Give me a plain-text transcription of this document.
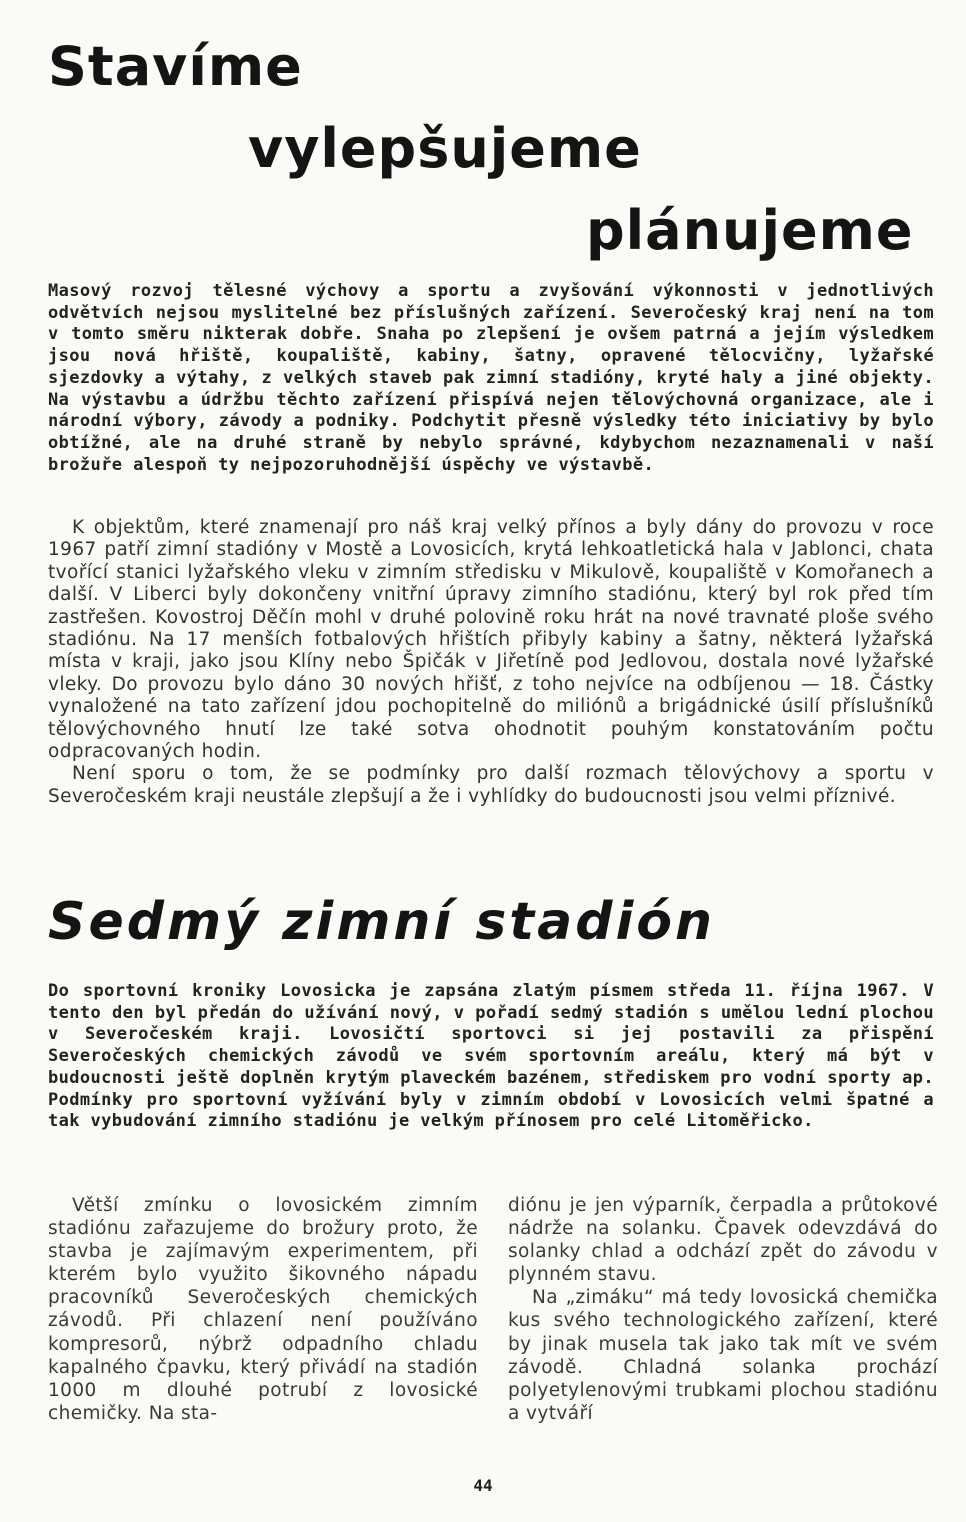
Stavíme
vylepšujeme
plánujeme

Masový rozvoj tělesné výchovy a sportu a zvyšování výkonnosti v jednotlivých odvětvích nejsou myslitelné bez příslušných zařízení. Severočeský kraj není na tom v tomto směru nikterak dobře. Snaha po zlepšení je ovšem patrná a jejím výsledkem jsou nová hřiště, koupaliště, kabiny, šatny, opravené tělocvičny, lyžařské sjezdovky a výtahy, z velkých staveb pak zimní stadióny, kryté haly a jiné objekty. Na výstavbu a údržbu těchto zařízení přispívá nejen tělovýchovná organizace, ale i národní výbory, závody a podniky. Podchytit přesně výsledky této iniciativy by bylo obtížné, ale na druhé straně by nebylo správné, kdybychom nezaznamenali v naší brožuře alespoň ty nejpozoruhodnější úspěchy ve výstavbě.

K objektům, které znamenají pro náš kraj velký přínos a byly dány do provozu v roce 1967 patří zimní stadióny v Mostě a Lovosicích, krytá lehkoatletická hala v Jablonci, chata tvořící stanici lyžařského vleku v zimním středisku v Mikulově, koupaliště v Komořanech a další. V Liberci byly dokončeny vnitřní úpravy zimního stadiónu, který byl rok před tím zastřešen. Kovostroj Děčín mohl v druhé polovině roku hrát na nové travnaté ploše svého stadiónu. Na 17 menších fotbalových hřištích přibyly kabiny a šatny, některá lyžařská místa v kraji, jako jsou Klíny nebo Špičák v Jiřetíně pod Jedlovou, dostala nové lyžařské vleky. Do provozu bylo dáno 30 nových hřišť, z toho nejvíce na odbíjenou — 18. Částky vynaložené na tato zařízení jdou pochopitelně do miliónů a brigádnické úsilí příslušníků tělovýchovného hnutí lze také sotva ohodnotit pouhým konstatováním počtu odpracovaných hodin.

Není sporu o tom, že se podmínky pro další rozmach tělovýchovy a sportu v Severočeském kraji neustále zlepšují a že i vyhlídky do budoucnosti jsou velmi příznivé.

Sedmý zimní stadión

Do sportovní kroniky Lovosicka je zapsána zlatým písmem středa 11. října 1967. V tento den byl předán do užívání nový, v pořadí sedmý stadión s umělou lední plochou v Severočeském kraji. Lovosičtí sportovci si jej postavili za přispění Severočeských chemických závodů ve svém sportovním areálu, který má být v budoucnosti ještě doplněn krytým plaveckém bazénem, střediskem pro vodní sporty ap. Podmínky pro sportovní vyžívání byly v zimním období v Lovosicích velmi špatné a tak vybudování zimního stadiónu je velkým přínosem pro celé Litoměřicko.

Větší zmínku o lovosickém zimním stadiónu zařazujeme do brožury proto, že stavba je zajímavým experimentem, při kterém bylo využito šikovného nápadu pracovníků Severočeských chemických závodů. Při chlazení není používáno kompresorů, nýbrž odpadního chladu kapalného čpavku, který přivádí na stadión 1000 m dlouhé potrubí z lovosické chemičky. Na sta-

diónu je jen výparník, čerpadla a průtokové nádrže na solanku. Čpavek odevzdává do solanky chlad a odchází zpět do závodu v plynném stavu.

Na „zimáku“ má tedy lovosická chemička kus svého technologického zařízení, které by jinak musela tak jako tak mít ve svém závodě. Chladná solanka prochází polyetylenovými trubkami plochou stadiónu a vytváří

44
